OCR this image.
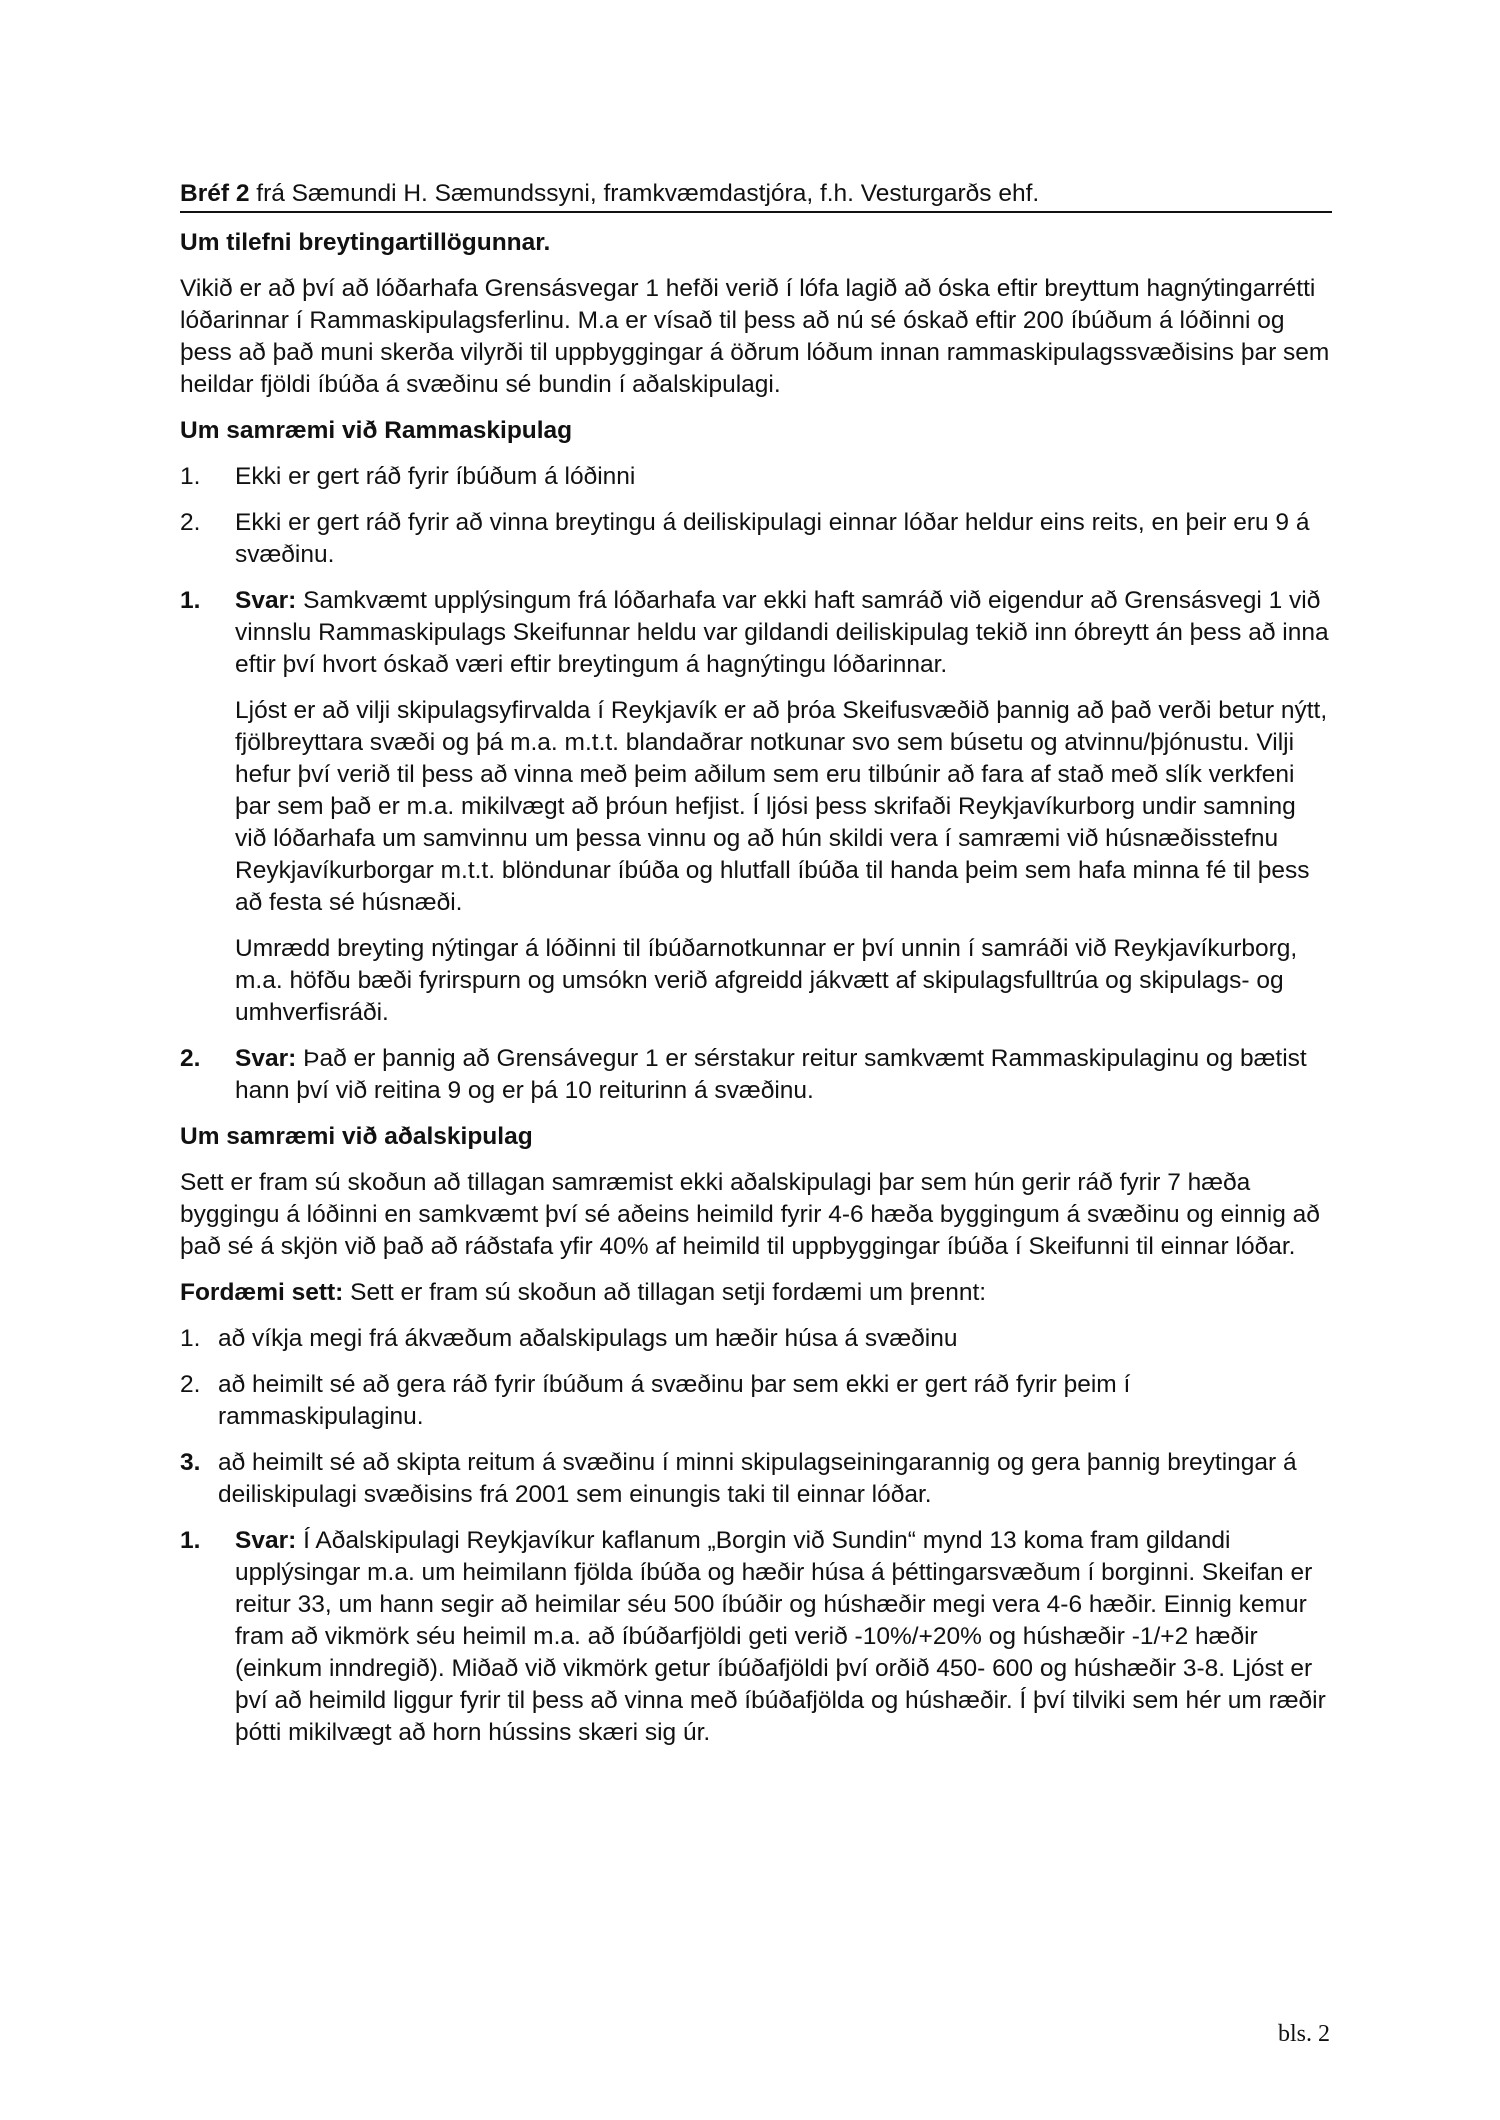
Bréf 2 frá Sæmundi H. Sæmundssyni, framkvæmdastjóra, f.h. Vesturgarðs ehf.
Um tilefni breytingartillögunnar.

Vikið er að því að lóðarhafa Grensásvegar 1 hefði verið í lófa lagið að óska eftir breyttum hagnýtingarrétti lóðarinnar í Rammaskipulagsferlinu. M.a er vísað til þess að nú sé óskað eftir 200 íbúðum á lóðinni og þess að það muni skerða vilyrði til uppbyggingar á öðrum lóðum innan rammaskipulagssvæðisins þar sem heildar fjöldi íbúða á svæðinu sé bundin í aðalskipulagi.

Um samræmi við Rammaskipulag
1. Ekki er gert ráð fyrir íbúðum á lóðinni
2. Ekki er gert ráð fyrir að vinna breytingu á deiliskipulagi einnar lóðar heldur eins reits, en þeir eru 9 á svæðinu.
1. Svar: Samkvæmt upplýsingum frá lóðarhafa var ekki haft samráð við eigendur að Grensásvegi 1 við vinnslu Rammaskipulags Skeifunnar heldu var gildandi deiliskipulag tekið inn óbreytt án þess að inna eftir því hvort óskað væri eftir breytingum á hagnýtingu lóðarinnar.

Ljóst er að vilji skipulagsyfirvalda í Reykjavík er að þróa Skeifusvæðið þannig að það verði betur nýtt, fjölbreyttara svæði og þá m.a. m.t.t. blandaðrar notkunar svo sem búsetu og atvinnu/þjónustu. Vilji hefur því verið til þess að vinna með þeim aðilum sem eru tilbúnir að fara af stað með slík verkfeni þar sem það er m.a. mikilvægt að þróun hefjist. Í ljósi þess skrifaði Reykjavíkurborg undir samning við lóðarhafa um samvinnu um þessa vinnu og að hún skildi vera í samræmi við húsnæðisstefnu Reykjavíkurborgar m.t.t. blöndunar íbúða og hlutfall íbúða til handa þeim sem hafa minna fé til þess að festa sé húsnæði.

Umrædd breyting nýtingar á lóðinni til íbúðarnotkunnar er því unnin í samráði við Reykjavíkurborg, m.a. höfðu bæði fyrirspurn og umsókn verið afgreidd jákvætt af skipulagsfulltrúa og skipulags- og umhverfisráði.

2. Svar: Það er þannig að Grensávegur 1 er sérstakur reitur samkvæmt Rammaskipulaginu og bætist hann því við reitina 9 og er þá 10 reiturinn á svæðinu.

Um samræmi við aðalskipulag

Sett er fram sú skoðun að tillagan samræmist ekki aðalskipulagi þar sem hún gerir ráð fyrir 7 hæða byggingu á lóðinni en samkvæmt því sé aðeins heimild fyrir 4-6 hæða byggingum á svæðinu og einnig að það sé á skjön við það að ráðstafa yfir 40% af heimild til uppbyggingar íbúða í Skeifunni til einnar lóðar.

Fordæmi sett: Sett er fram sú skoðun að tillagan setji fordæmi um þrennt:

1. að víkja megi frá ákvæðum aðalskipulags um hæðir húsa á svæðinu
2. að heimilt sé að gera ráð fyrir íbúðum á svæðinu þar sem ekki er gert ráð fyrir þeim í rammaskipulaginu.
3. að heimilt sé að skipta reitum á svæðinu í minni skipulagseiningarannig og gera þannig breytingar á deiliskipulagi svæðisins frá 2001 sem einungis taki til einnar lóðar.
1. Svar: Í Aðalskipulagi Reykjavíkur kaflanum „Borgin við Sundin“ mynd 13 koma fram gildandi upplýsingar m.a. um heimilann fjölda íbúða og hæðir húsa á þéttingarsvæðum í borginni. Skeifan er reitur 33, um hann segir að heimilar séu 500 íbúðir og húshæðir megi vera 4-6 hæðir. Einnig kemur fram að vikmörk séu heimil m.a. að íbúðarfjöldi geti verið -10%/+20% og húshæðir -1/+2 hæðir (einkum inndregið). Miðað við vikmörk getur íbúðafjöldi því orðið 450- 600 og húshæðir 3-8. Ljóst er því að heimild liggur fyrir til þess að vinna með íbúðafjölda og húshæðir. Í því tilviki sem hér um ræðir þótti mikilvægt að horn hússins skæri sig úr.

bls. 2
